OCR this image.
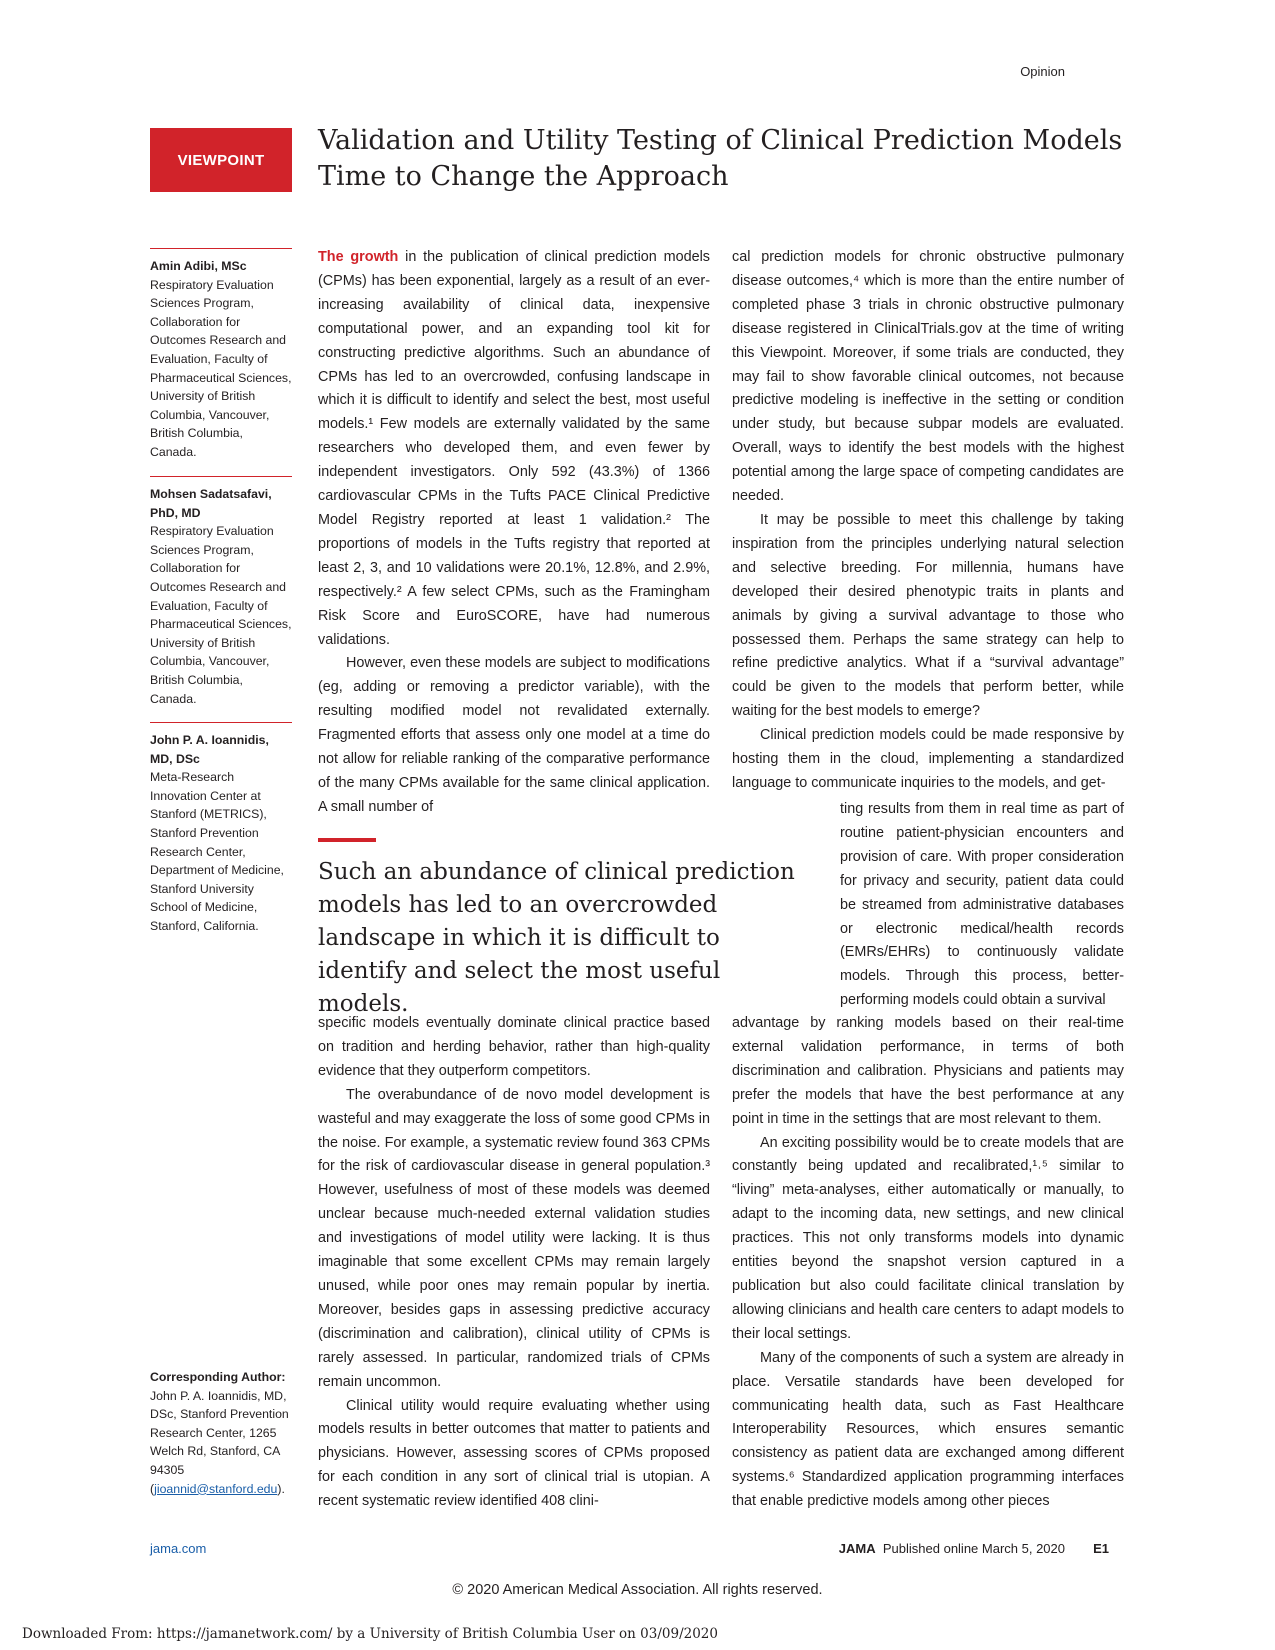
Opinion
VIEWPOINT
Validation and Utility Testing of Clinical Prediction Models
Time to Change the Approach
Amin Adibi, MSc
Respiratory Evaluation Sciences Program, Collaboration for Outcomes Research and Evaluation, Faculty of Pharmaceutical Sciences, University of British Columbia, Vancouver, British Columbia, Canada.
Mohsen Sadatsafavi, PhD, MD
Respiratory Evaluation Sciences Program, Collaboration for Outcomes Research and Evaluation, Faculty of Pharmaceutical Sciences, University of British Columbia, Vancouver, British Columbia, Canada.
John P. A. Ioannidis, MD, DSc
Meta-Research Innovation Center at Stanford (METRICS), Stanford Prevention Research Center, Department of Medicine, Stanford University School of Medicine, Stanford, California.

The growth in the publication of clinical prediction models (CPMs) has been exponential, largely as a result of an ever-increasing availability of clinical data, inexpensive computational power, and an expanding tool kit for constructing predictive algorithms. Such an abundance of CPMs has led to an overcrowded, confusing landscape in which it is difficult to identify and select the best, most useful models.¹ Few models are externally validated by the same researchers who developed them, and even fewer by independent investigators. Only 592 (43.3%) of 1366 cardiovascular CPMs in the Tufts PACE Clinical Predictive Model Registry reported at least 1 validation.² The proportions of models in the Tufts registry that reported at least 2, 3, and 10 validations were 20.1%, 12.8%, and 2.9%, respectively.² A few select CPMs, such as the Framingham Risk Score and EuroSCORE, have had numerous validations.

However, even these models are subject to modifications (eg, adding or removing a predictor variable), with the resulting modified model not revalidated externally. Fragmented efforts that assess only one model at a time do not allow for reliable ranking of the comparative performance of the many CPMs available for the same clinical application. A small number of

Such an abundance of clinical prediction models has led to an overcrowded landscape in which it is difficult to identify and select the most useful models.

specific models eventually dominate clinical practice based on tradition and herding behavior, rather than high-quality evidence that they outperform competitors.

The overabundance of de novo model development is wasteful and may exaggerate the loss of some good CPMs in the noise. For example, a systematic review found 363 CPMs for the risk of cardiovascular disease in general population.³ However, usefulness of most of these models was deemed unclear because much-needed external validation studies and investigations of model utility were lacking. It is thus imaginable that some excellent CPMs may remain largely unused, while poor ones may remain popular by inertia. Moreover, besides gaps in assessing predictive accuracy (discrimination and calibration), clinical utility of CPMs is rarely assessed. In particular, randomized trials of CPMs remain uncommon.

Clinical utility would require evaluating whether using models results in better outcomes that matter to patients and physicians. However, assessing scores of CPMs proposed for each condition in any sort of clinical trial is utopian. A recent systematic review identified 408 clini-

cal prediction models for chronic obstructive pulmonary disease outcomes,⁴ which is more than the entire number of completed phase 3 trials in chronic obstructive pulmonary disease registered in ClinicalTrials.gov at the time of writing this Viewpoint. Moreover, if some trials are conducted, they may fail to show favorable clinical outcomes, not because predictive modeling is ineffective in the setting or condition under study, but because subpar models are evaluated. Overall, ways to identify the best models with the highest potential among the large space of competing candidates are needed.

It may be possible to meet this challenge by taking inspiration from the principles underlying natural selection and selective breeding. For millennia, humans have developed their desired phenotypic traits in plants and animals by giving a survival advantage to those who possessed them. Perhaps the same strategy can help to refine predictive analytics. What if a “survival advantage” could be given to the models that perform better, while waiting for the best models to emerge?

Clinical prediction models could be made responsive by hosting them in the cloud, implementing a standardized language to communicate inquiries to the models, and get-

ting results from them in real time as part of routine patient-physician encounters and provision of care. With proper consideration for privacy and security, patient data could be streamed from administrative databases or electronic medical/health records (EMRs/EHRs) to continuously validate models. Through this process, better-performing models could obtain a survival

advantage by ranking models based on their real-time external validation performance, in terms of both discrimination and calibration. Physicians and patients may prefer the models that have the best performance at any point in time in the settings that are most relevant to them.

An exciting possibility would be to create models that are constantly being updated and recalibrated,¹˒⁵ similar to “living” meta-analyses, either automatically or manually, to adapt to the incoming data, new settings, and new clinical practices. This not only transforms models into dynamic entities beyond the snapshot version captured in a publication but also could facilitate clinical translation by allowing clinicians and health care centers to adapt models to their local settings.

Many of the components of such a system are already in place. Versatile standards have been developed for communicating health data, such as Fast Healthcare Interoperability Resources, which ensures semantic consistency as patient data are exchanged among different systems.⁶ Standardized application programming interfaces that enable predictive models among other pieces

Corresponding Author: John P. A. Ioannidis, MD, DSc, Stanford Prevention Research Center, 1265 Welch Rd, Stanford, CA 94305 (jioannid@stanford.edu).
jama.com	JAMA Published online March 5, 2020 E1
© 2020 American Medical Association. All rights reserved.
Downloaded From: https://jamanetwork.com/ by a University of British Columbia User on 03/09/2020
